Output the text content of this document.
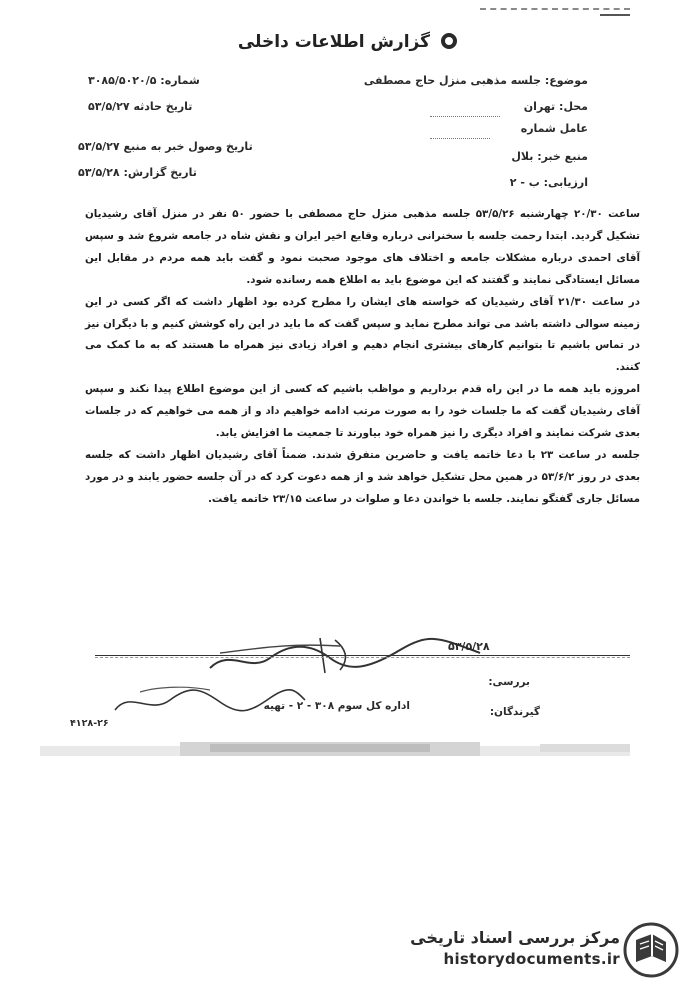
گزارش اطلاعات داخلی
موضوع: جلسه مذهبی منزل حاج مصطفی
محل: تهران
عامل شماره
منبع خبر: بلال
ارزیابی: ب - ۲
شماره: ۳۰۸۵/۵۰۲۰/۵
تاریخ حادثه ۵۳/۵/۲۷
تاریخ وصول خبر به منبع ۵۳/۵/۲۷
تاریخ گزارش: ۵۳/۵/۲۸

ساعت ۲۰/۳۰ چهارشنبه ۵۳/۵/۲۶ جلسه مذهبی منزل حاج مصطفی با حضور ۵۰ نفر در منزل آقای رشیدیان تشکیل گردید. ابتدا رحمت جلسه با سخنرانی درباره وقایع اخیر ایران و نقش شاه در جامعه شروع شد و سپس آقای احمدی درباره مشکلات جامعه و اختلاف های موجود صحبت نمود و گفت باید همه مردم در مقابل این مسائل ایستادگی نمایند و گفتند که این موضوع باید به اطلاع همه رسانده شود.

در ساعت ۲۱/۳۰ آقای رشیدیان که خواسته های ایشان را مطرح کرده بود اظهار داشت که اگر کسی در این زمینه سوالی داشته باشد می تواند مطرح نماید و سپس گفت که ما باید در این راه کوشش کنیم و با دیگران نیز در تماس باشیم تا بتوانیم کارهای بیشتری انجام دهیم و افراد زیادی نیز همراه ما هستند که به ما کمک می کنند.

امروزه باید همه ما در این راه قدم برداریم و مواظب باشیم که کسی از این موضوع اطلاع پیدا نکند و سپس آقای رشیدیان گفت که ما جلسات خود را به صورت مرتب ادامه خواهیم داد و از همه می خواهیم که در جلسات بعدی شرکت نمایند و افراد دیگری را نیز همراه خود بیاورند تا جمعیت ما افزایش یابد.

جلسه در ساعت ۲۳ با دعا خاتمه یافت و حاضرین متفرق شدند. ضمناً آقای رشیدیان اظهار داشت که جلسه بعدی در روز ۵۳/۶/۲ در همین محل تشکیل خواهد شد و از همه دعوت کرد که در آن جلسه حضور یابند و در مورد مسائل جاری گفتگو نمایند. جلسه با خواندن دعا و صلوات در ساعت ۲۳/۱۵ خاتمه یافت.

۵۳/۵/۲۸
بررسی:
اداره کل سوم ۳۰۸ - ۲ - تهیه	گیرندگان:
۴۱۲۸-۲۶
مرکز بررسی اسناد تاریخی
historydocuments.ir
